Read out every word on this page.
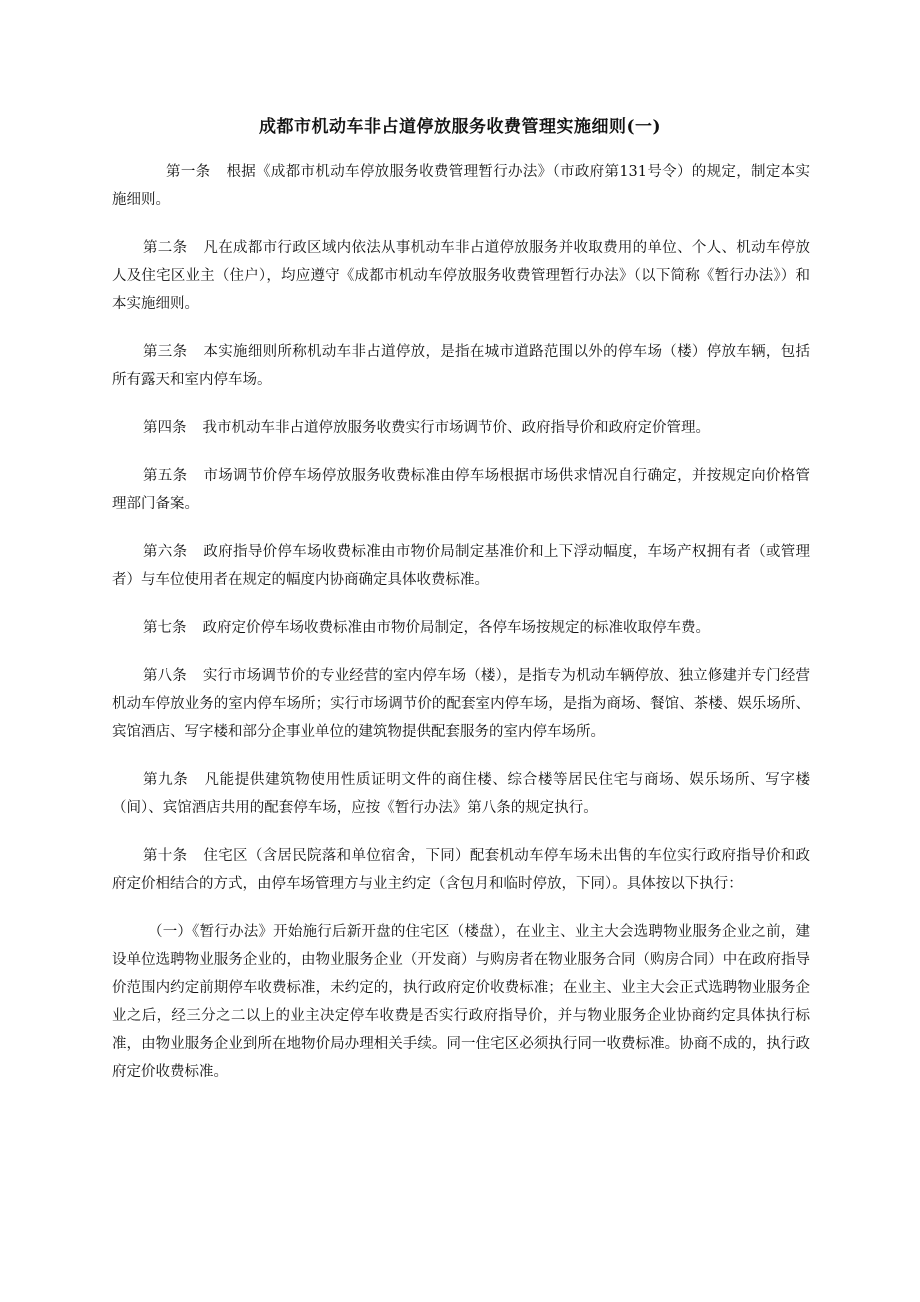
成都市机动车非占道停放服务收费管理实施细则(一)

第一条 根据《成都市机动车停放服务收费管理暂行办法》（市政府第131号令）的规定，制定本实施细则。

第二条 凡在成都市行政区域内依法从事机动车非占道停放服务并收取费用的单位、个人、机动车停放人及住宅区业主（住户），均应遵守《成都市机动车停放服务收费管理暂行办法》（以下简称《暂行办法》）和本实施细则。

第三条 本实施细则所称机动车非占道停放，是指在城市道路范围以外的停车场（楼）停放车辆，包括所有露天和室内停车场。

第四条 我市机动车非占道停放服务收费实行市场调节价、政府指导价和政府定价管理。

第五条 市场调节价停车场停放服务收费标准由停车场根据市场供求情况自行确定，并按规定向价格管理部门备案。

第六条 政府指导价停车场收费标准由市物价局制定基准价和上下浮动幅度，车场产权拥有者（或管理者）与车位使用者在规定的幅度内协商确定具体收费标准。

第七条 政府定价停车场收费标准由市物价局制定，各停车场按规定的标准收取停车费。

第八条 实行市场调节价的专业经营的室内停车场（楼），是指专为机动车辆停放、独立修建并专门经营机动车停放业务的室内停车场所；实行市场调节价的配套室内停车场，是指为商场、餐馆、茶楼、娱乐场所、宾馆酒店、写字楼和部分企事业单位的建筑物提供配套服务的室内停车场所。

第九条 凡能提供建筑物使用性质证明文件的商住楼、综合楼等居民住宅与商场、娱乐场所、写字楼（间）、宾馆酒店共用的配套停车场，应按《暂行办法》第八条的规定执行。

第十条 住宅区（含居民院落和单位宿舍，下同）配套机动车停车场未出售的车位实行政府指导价和政府定价相结合的方式，由停车场管理方与业主约定（含包月和临时停放，下同）。具体按以下执行：

（一）《暂行办法》开始施行后新开盘的住宅区（楼盘），在业主、业主大会选聘物业服务企业之前，建设单位选聘物业服务企业的，由物业服务企业（开发商）与购房者在物业服务合同（购房合同）中在政府指导价范围内约定前期停车收费标准，未约定的，执行政府定价收费标准；在业主、业主大会正式选聘物业服务企业之后，经三分之二以上的业主决定停车收费是否实行政府指导价，并与物业服务企业协商约定具体执行标准，由物业服务企业到所在地物价局办理相关手续。同一住宅区必须执行同一收费标准。协商不成的，执行政府定价收费标准。
